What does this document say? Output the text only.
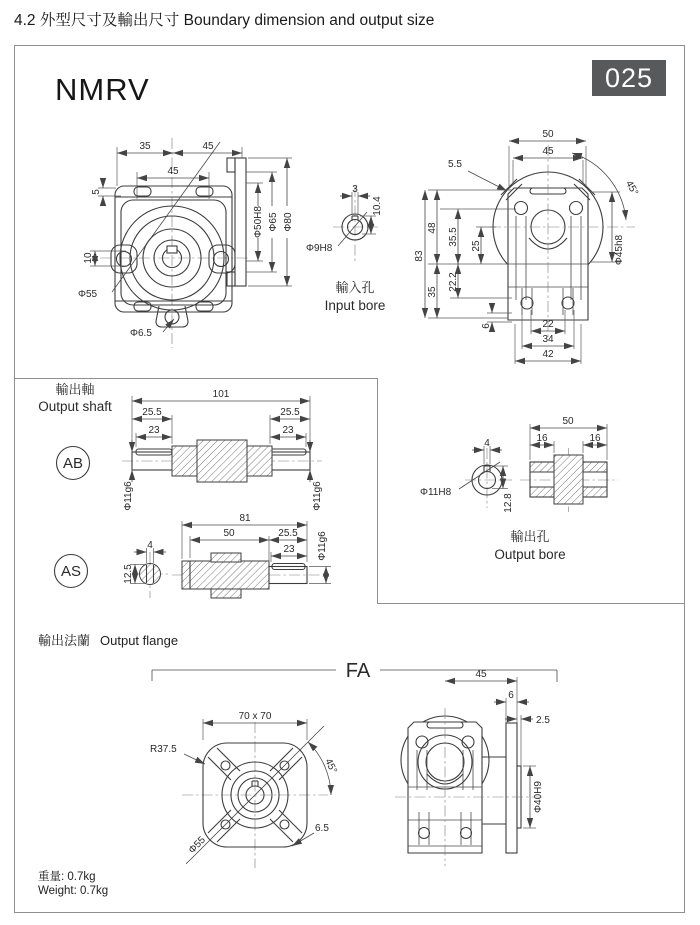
4.2 外型尺寸及輸出尺寸 Boundary dimension and output size
NMRV	025
35	45
45
5
10
Φ55
Φ6.5
Φ50H8 Φ65 Φ80
3
10.4
Φ9H8
輸入孔
Input bore
50
45
5.5
45°
Φ45h8
83
48
35
35.5
22.2
25
6	22
34
42
輸出軸
Output shaft
AB
101
25.5
23
25.5
23
Φ11g6	Φ11g6
AS
4
12.5
81
50	25.5
23 Φ11g6
4
Φ11H8
12.8
50
16	16
輸出孔
Output bore
FA
70 x 70
R37.5
45°
Φ55
6.5
45
6
2.5
Φ40H9
輸出法蘭 Output flange
重量: 0.7kg
Weight: 0.7kg
